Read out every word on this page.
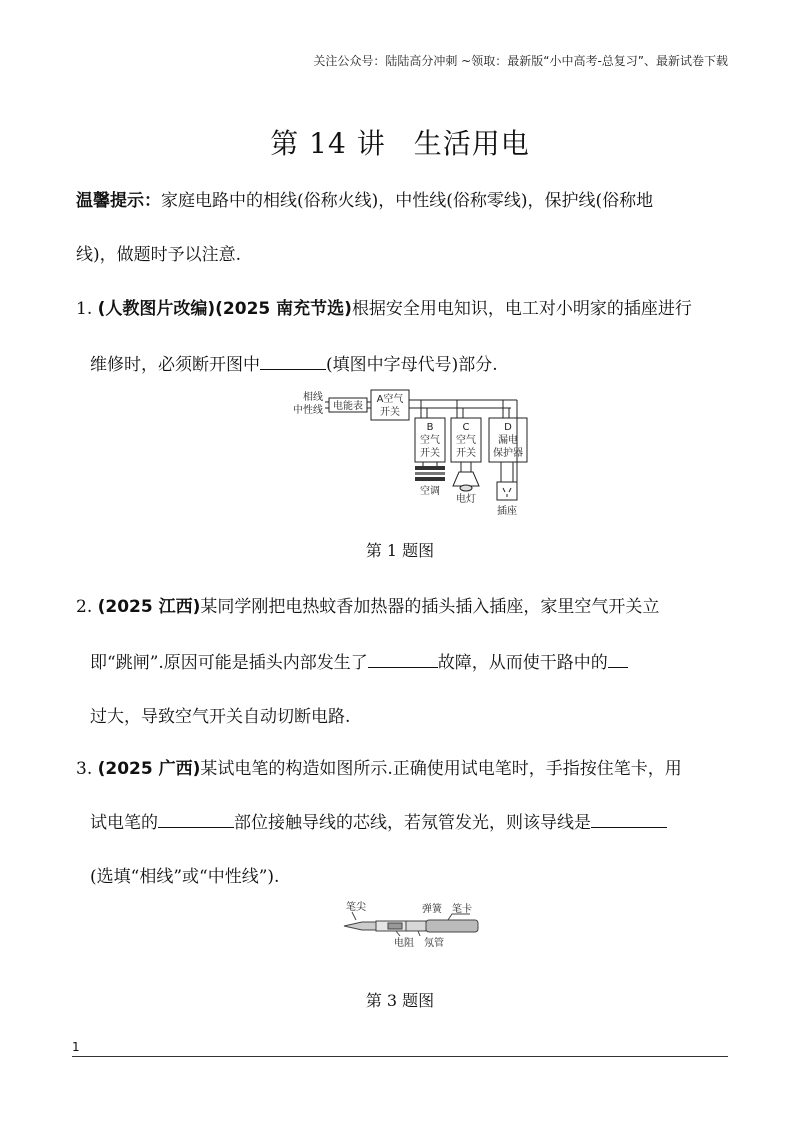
关注公众号：陆陆高分冲刺 ~领取：最新版“小中高考-总复习”、最新试卷下载
第 14 讲 生活用电
温馨提示：家庭电路中的相线(俗称火线)，中性线(俗称零线)，保护线(俗称地
线)，做题时予以注意.
1. (人教图片改编)(2025 南充节选)根据安全用电知识，电工对小明家的插座进行
维修时，必须断开图中	(填图中字母代号)部分.
相线
中性线 电能表
A空气
开关
B
空气
开关
C
空气
开关
D
漏电
保护器
空调
电灯
插座
第 1 题图
2. (2025 江西)某同学刚把电热蚊香加热器的插头插入插座，家里空气开关立
即“跳闸”.原因可能是插头内部发生了	故障，从而使干路中的
过大，导致空气开关自动切断电路.
3. (2025 广西)某试电笔的构造如图所示.正确使用试电笔时，手指按住笔卡，用
试电笔的	部位接触导线的芯线，若氖管发光，则该导线是
(选填“相线”或“中性线”).
笔尖	弹簧 笔卡
电阻 氖管
第 3 题图
1
